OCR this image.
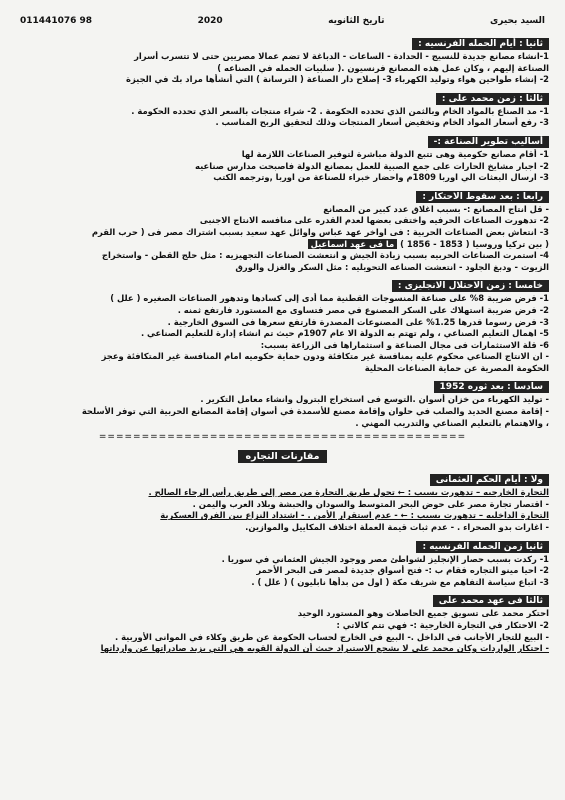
السيد بحيرى
تاريخ الثانويه
2020
011441076 98
ثانيا : أيام الحمله الفرنسيه :
1-انشاء مصانع جديدة للنسيج - الحدادة - الساعات - الدباغة لا تضم عمالا مصريين حتى لا تتسرب أسرار
الصناعة إليهم ، وكان عمل هذه المصانع فرنسيون .( سلبيات الحمله في الصناعه )
2- إنشاء طواحين هواء وتوليد الكهرباء 3- إصلاح دار الصناعة ( الترسانة ) التي أنشأها مراد بك في الجيزة
ثالثا : زمن محمد على :
1- مد الصناع بالمواد الخام وبالثمن الذي تحدده الحكومة . 2- شراء منتجات بالسعر الذي تحدده الحكومة .
3- رفع أسعار المواد الخام وتخفيض أسعار المنتجات وذلك لتحقيق الربح المناسب .
أساليب تطوير الصناعة :-
1- أقام مصانع حكومية وهى تتبع الدولة مباشرة لتوفير الصناعات اللازمة لها
2- اجبار مشايخ الحارات على جمع الصبية للعمل بمصانع الدولة فاصبحت مدارس صناعيه
3- ارسال البعثات الي اوربا 1809م واحضار خبراء للصناعة من اوربا ,وترجمه الكتب
رابعا : بعد سقوط الاحتكار :
- قل انتاج المصانع :- بسبب اغلاق عدد كبير من المصانع
2- تدهورت الصناعات الحرفيه واختفى بعضها لعدم القدره على منافسه الانتاج الاجنبى
3- انتعاش بعض الصناعات الحربية : فى اواخر عهد عباس واوائل عهد سعيد بسبب اشتراك مصر فى ( حرب القرم
( بين تركيا وروسيا ( 1853 - 1856 ) ما فى عهد اسماعيل
4- استمرت الصناعات الحربيه بسبب زيادة الجيش و انتعشت الصناعات التجهيزيه : مثل حلج القطن - واستخراج
الزيوت - ودبغ الجلود - انتعشت الصناعه التحويليه : مثل السكر والغزل والورق
خامسا : زمن الاحتلال الانجليزى :
1- فرض ضريبة 8% على صناعة المنسوجات القطنية مما أدى إلى كسادها وتدهور الصناعات الصغيره ( علل )
2- فرض ضريبة استهلاك على السكر المصنوع في مصر فتساوى مع المستورد فارتفع ثمنه .
3- فرض رسوما قدرها 1.25% على المصنوعات المصدرة فارتفع سعرها فى السوق الخارجية .
5- اهمال التعليم الصناعي ، ولم تهتم به الدولة الا عام 1907م حيث تم انشاء إدارة للتعليم الصناعي .
6- قلة الاستثمارات فى مجال الصناعة و استثماراها فى الزراعة بسبب:
- ان الانتاج الصناعي محكوم عليه بمنافسة غير متكافئة ودون حماية حكوميه امام المنافسة غير المتكافئة وعجز
الحكومة المصرية عن حماية الصناعات المحلية
سادسا : بعد ثوره 1952
- توليد الكهرباء من خزان أسوان .التوسع فى استخراج البترول وانشاء معامل التكرير .
- إقامة مصنع الحديد والصلب في حلوان وإقامة مصنع للأسمدة في أسوان إقامة المصانع الحربية التي توفر الأسلحة
، والاهتمام بالتعليم الصناعي والتدريب المهني .
===========================================
مقارنات التجاره
ولا : أيام الحكم العثمانى
التجارة الخارجيه – تدهورت بسبب : ← تحول طريق التجارة من مصر إلى طريق رأس الرجاء الصالح .
- اقتصار تجارة مصر على حوض البحر المتوسط والسودان والحبشة وبلاد العرب واليمن .
التجارة الداخليه – تدهورت بسبب : ← - عدم استقرار الأمن . - اشتداد النزاع بين الفرق العسكرية
- اغارات بدو الصحراء . - عدم ثبات قيمة العملة اختلاف المكاييل والموازين.
ثانيا زمن الحمله الفرنسيه :
1- ركدت بسبب حصار الإنجليز لشواطئ مصر ووجود الجيش العثماني في سوريا .
2- احيا مينو التجاره فقام ب :- فتح أسواق جديدة لمصر فى البحر الأحمر
3- اتباع سياسة التفاهم مع شريف مكة ( اول من بدأها نابليون ) ( علل ) .
ثالثا فى عهد محمد على
احتكر محمد على تسويق جميع الحاصلات وهو المستورد الوحيد
2- الاحتكار في التجارة الخارجية :- فهي تتم كالاتي :
- البيع للتجار الأجانب في الداخل .- البيع في الخارج لحساب الحكومة عن طريق وكلاء في الموانى الأوربية .
- احتكار الواردات وكان محمد على لا يشجع الاستيراد حيث أن الدولة القويه هي التي يزيد صادراتها عن وارداتها
